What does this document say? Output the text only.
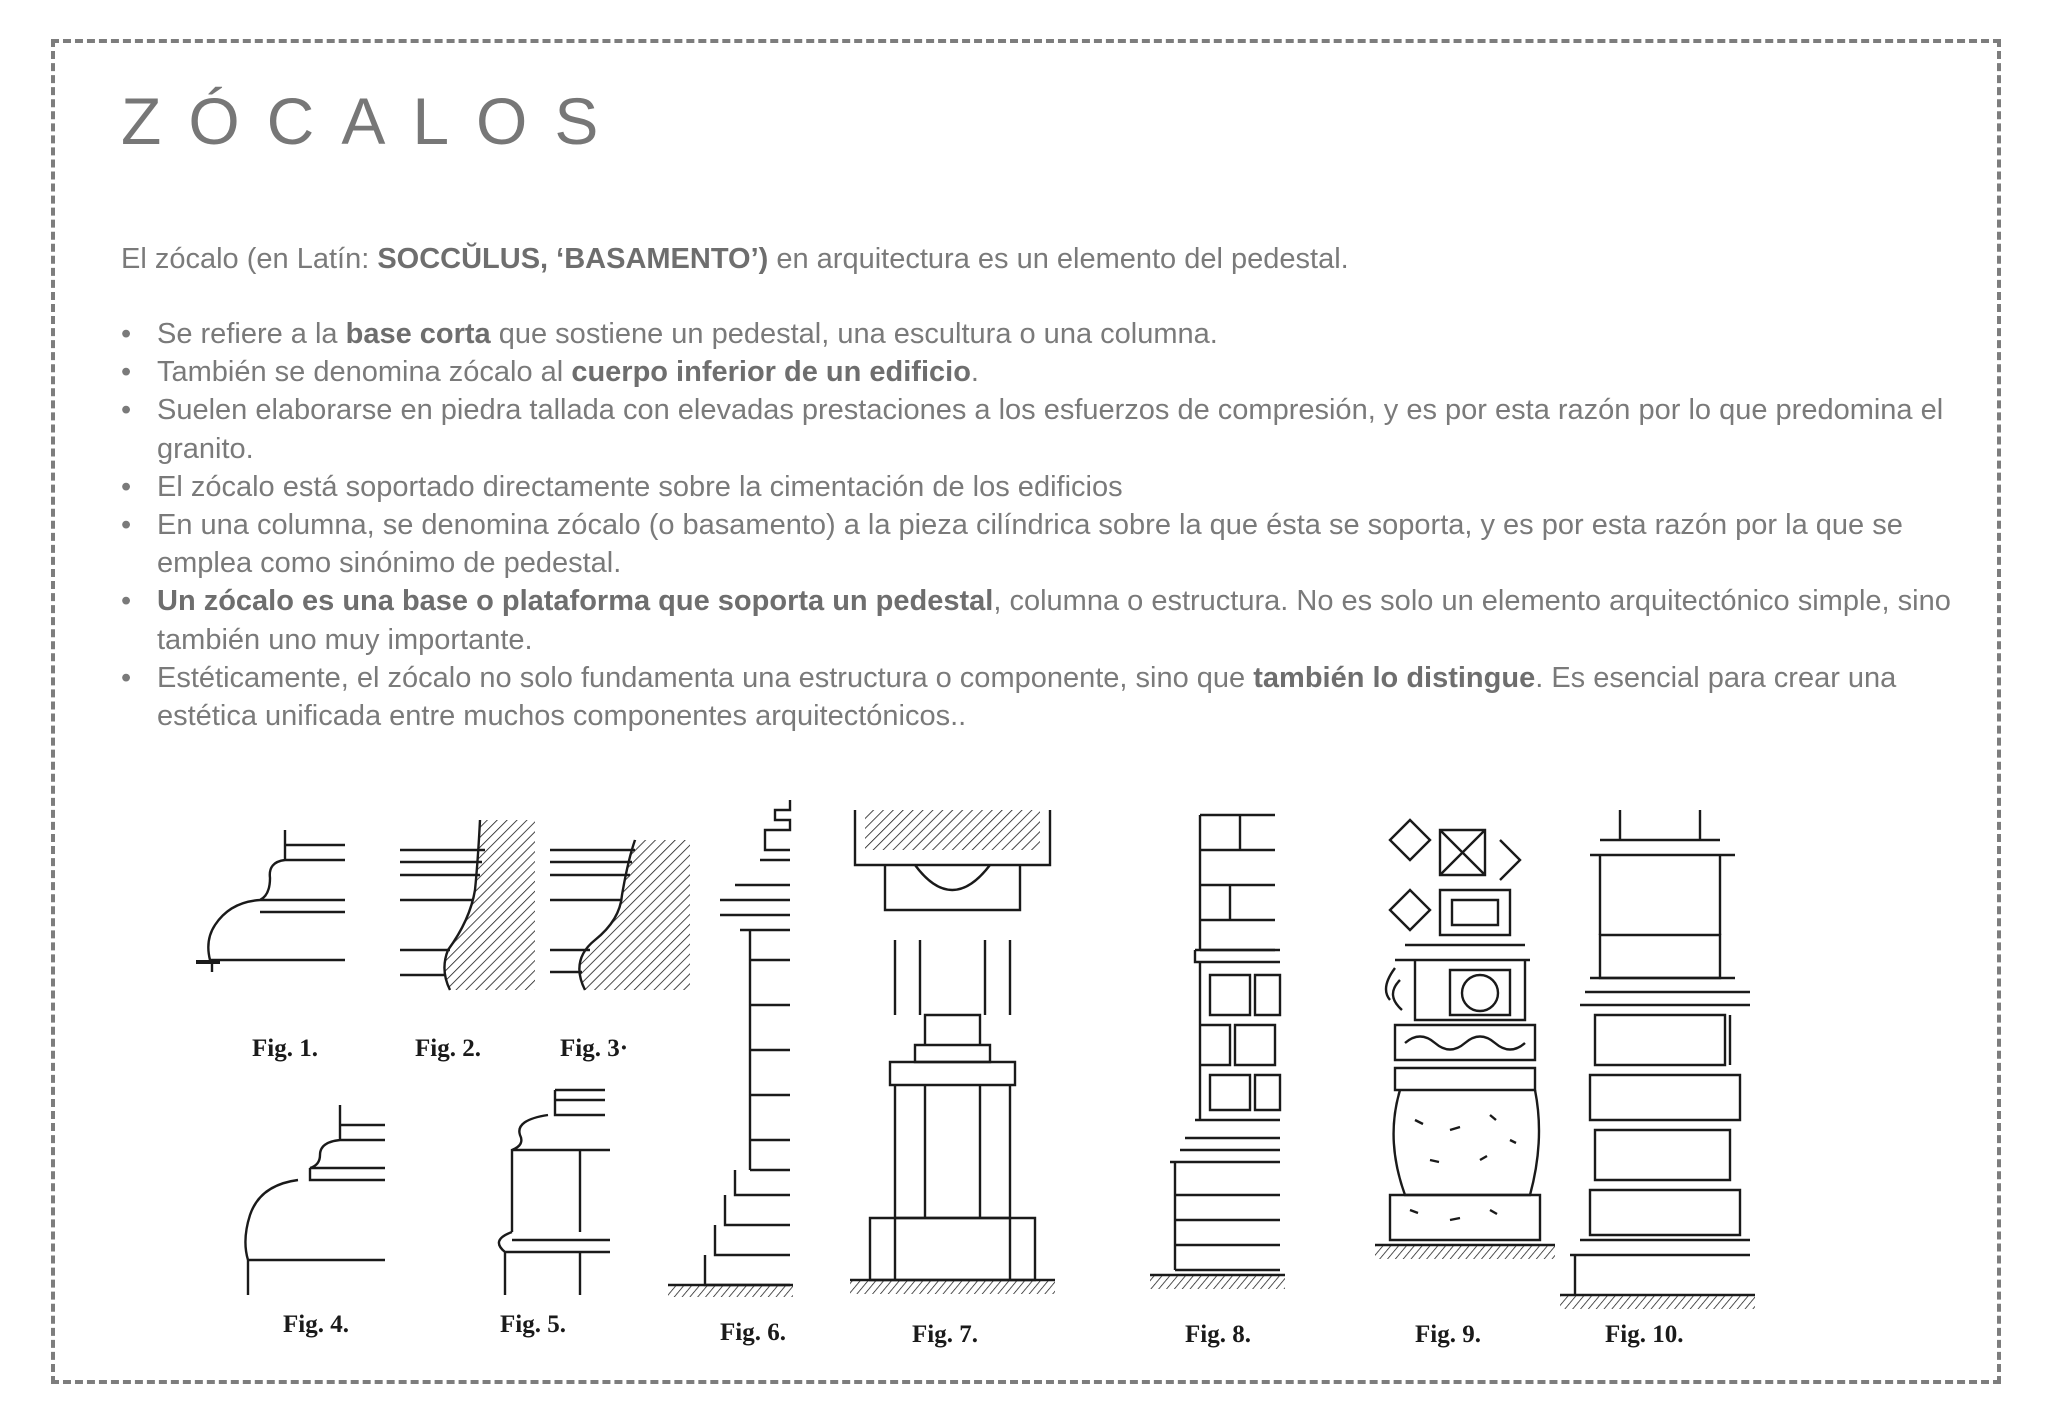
ZÓCALOS

El zócalo (en Latín: SOCCŬLUS, ‘BASAMENTO’) en arquitectura es un elemento del pedestal.

• Se refiere a la base corta que sostiene un pedestal, una escultura o una columna.
• También se denomina zócalo al cuerpo inferior de un edificio.
• Suelen elaborarse en piedra tallada con elevadas prestaciones a los esfuerzos de compresión, y es por esta razón por lo que predomina el granito.
• El zócalo está soportado directamente sobre la cimentación de los edificios
• En una columna, se denomina zócalo (o basamento) a la pieza cilíndrica sobre la que ésta se soporta, y es por esta razón por la que se emplea como sinónimo de pedestal.
• Un zócalo es una base o plataforma que soporta un pedestal, columna o estructura. No es solo un elemento arquitectónico simple, sino también uno muy importante.
• Estéticamente, el zócalo no solo fundamenta una estructura o componente, sino que también lo distingue. Es esencial para crear una estética unificada entre muchos componentes arquitectónicos..
Fig. 1.	Fig. 2.	Fig. 3·
Fig. 4.	Fig. 5.	Fig. 6.	Fig. 7.	Fig. 8.	Fig. 9.	Fig. 10.
